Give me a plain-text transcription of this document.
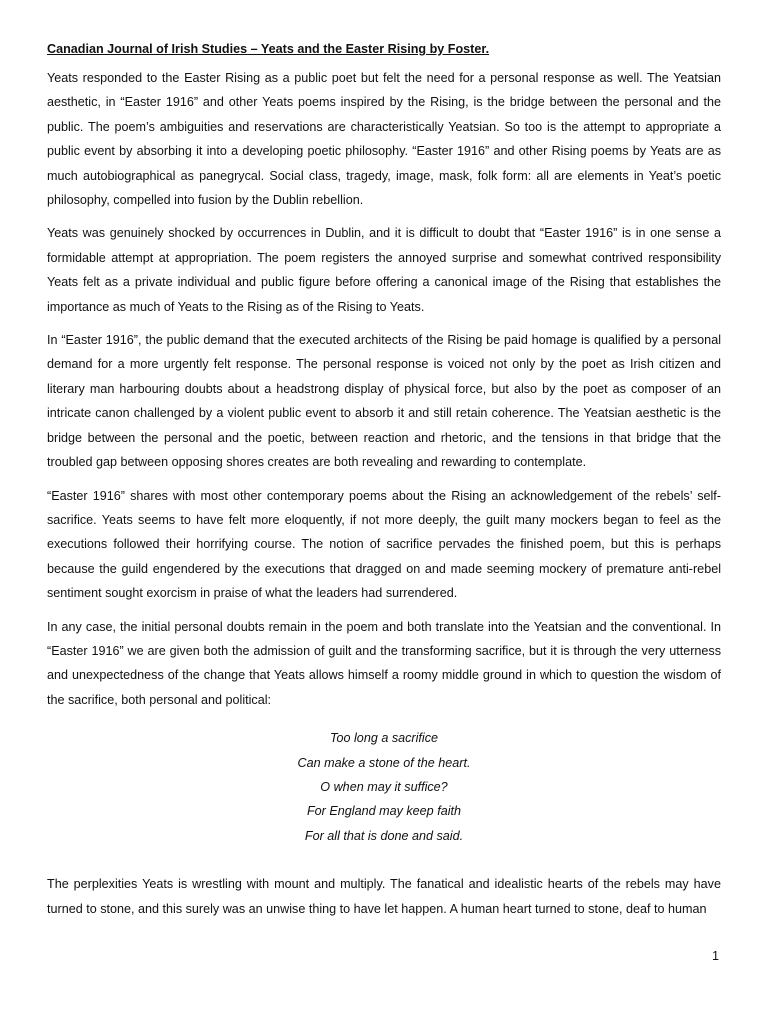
Canadian Journal of Irish Studies – Yeats and the Easter Rising by Foster.

Yeats responded to the Easter Rising as a public poet but felt the need for a personal response as well. The Yeatsian aesthetic, in “Easter 1916” and other Yeats poems inspired by the Rising, is the bridge between the personal and the public. The poem’s ambiguities and reservations are characteristically Yeatsian. So too is the attempt to appropriate a public event by absorbing it into a developing poetic philosophy. “Easter 1916” and other Rising poems by Yeats are as much autobiographical as panegrycal. Social class, tragedy, image, mask, folk form: all are elements in Yeat’s poetic philosophy, compelled into fusion by the Dublin rebellion.

Yeats was genuinely shocked by occurrences in Dublin, and it is difficult to doubt that “Easter 1916” is in one sense a formidable attempt at appropriation. The poem registers the annoyed surprise and somewhat contrived responsibility Yeats felt as a private individual and public figure before offering a canonical image of the Rising that establishes the importance as much of Yeats to the Rising as of the Rising to Yeats.

In “Easter 1916”, the public demand that the executed architects of the Rising be paid homage is qualified by a personal demand for a more urgently felt response. The personal response is voiced not only by the poet as Irish citizen and literary man harbouring doubts about a headstrong display of physical force, but also by the poet as composer of an intricate canon challenged by a violent public event to absorb it and still retain coherence. The Yeatsian aesthetic is the bridge between the personal and the poetic, between reaction and rhetoric, and the tensions in that bridge that the troubled gap between opposing shores creates are both revealing and rewarding to contemplate.

“Easter 1916” shares with most other contemporary poems about the Rising an acknowledgement of the rebels’ self-sacrifice. Yeats seems to have felt more eloquently, if not more deeply, the guilt many mockers began to feel as the executions followed their horrifying course. The notion of sacrifice pervades the finished poem, but this is perhaps because the guild engendered by the executions that dragged on and made seeming mockery of premature anti-rebel sentiment sought exorcism in praise of what the leaders had surrendered.

In any case, the initial personal doubts remain in the poem and both translate into the Yeatsian and the conventional. In “Easter 1916” we are given both the admission of guilt and the transforming sacrifice, but it is through the very utterness and unexpectedness of the change that Yeats allows himself a roomy middle ground in which to question the wisdom of the sacrifice, both personal and political:

Too long a sacrifice
Can make a stone of the heart.
O when may it suffice?
For England may keep faith
For all that is done and said.

The perplexities Yeats is wrestling with mount and multiply. The fanatical and idealistic hearts of the rebels may have turned to stone, and this surely was an unwise thing to have let happen. A human heart turned to stone, deaf to human

1
